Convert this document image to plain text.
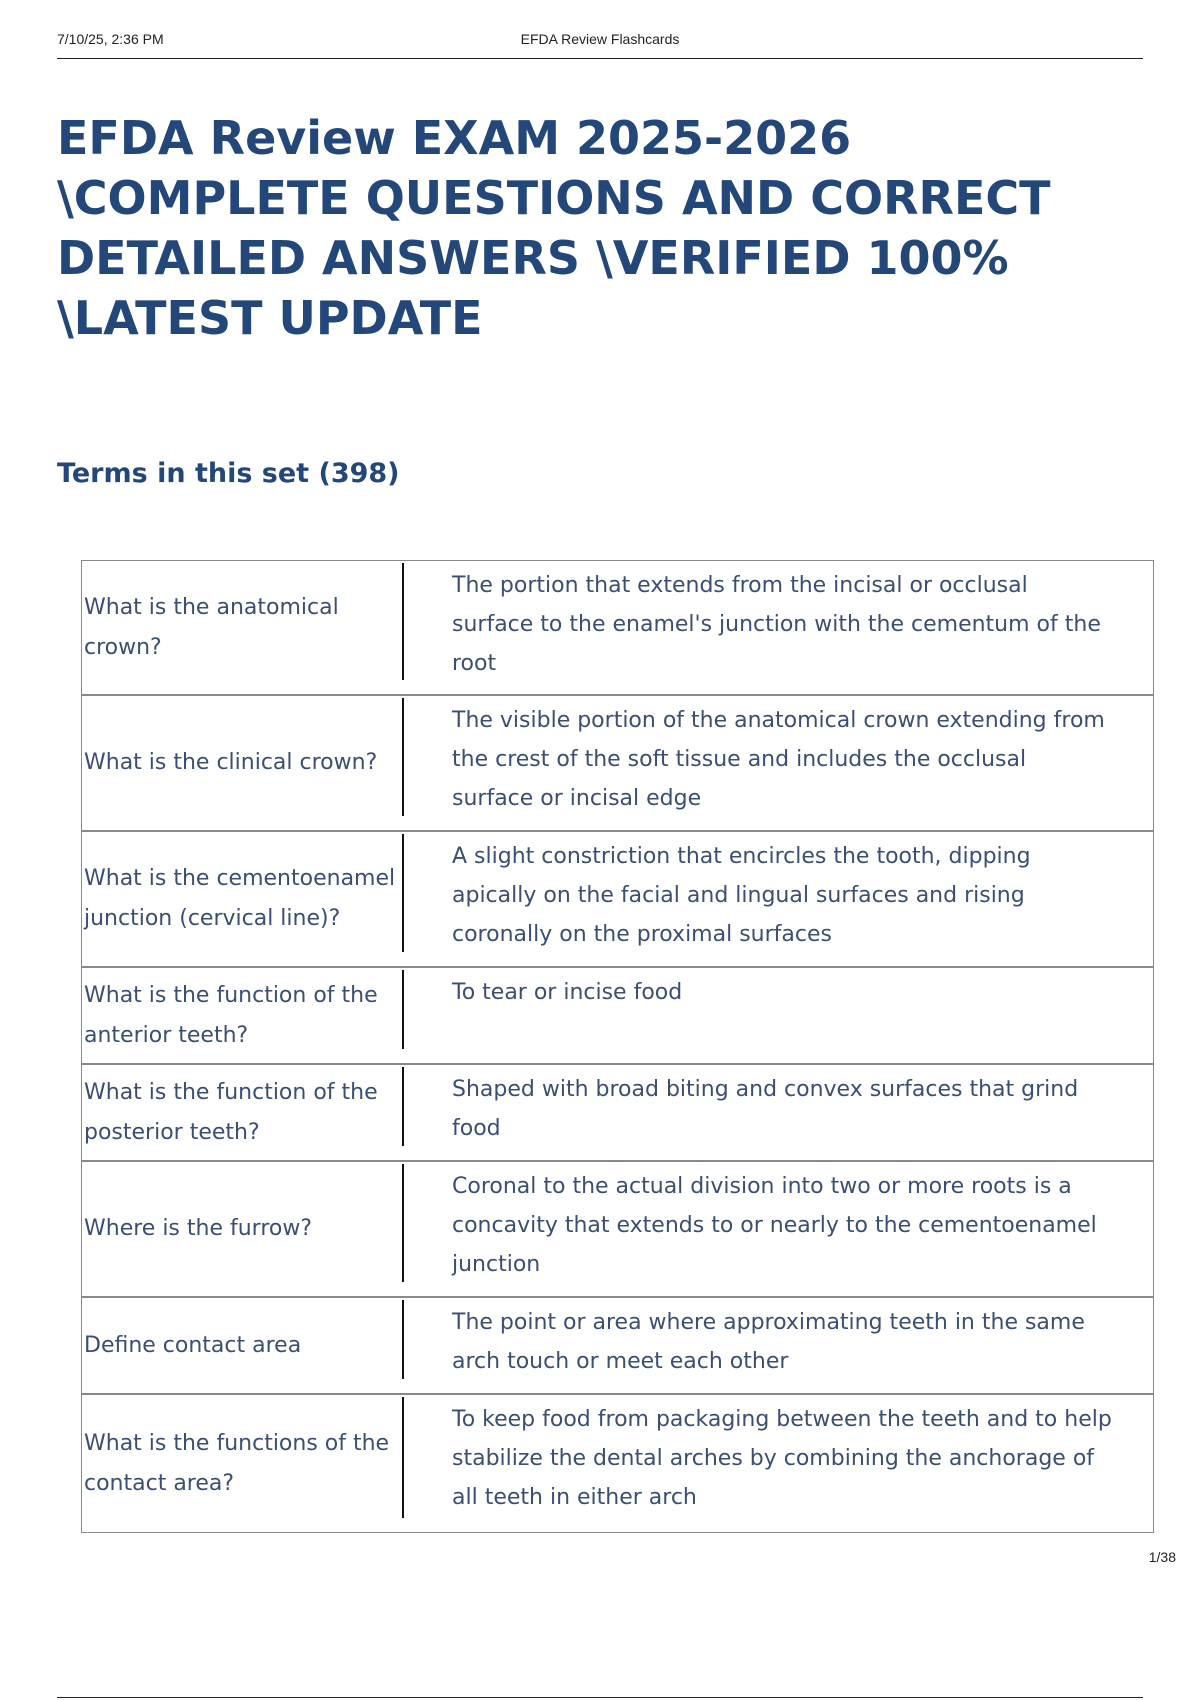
7/10/25, 2:36 PM	EFDA Review Flashcards
EFDA Review EXAM 2025-2026 \COMPLETE QUESTIONS AND CORRECT DETAILED ANSWERS \VERIFIED 100% \LATEST UPDATE
Terms in this set (398)
What is the anatomical crown?
The portion that extends from the incisal or occlusal surface to the enamel's junction with the cementum of the root
What is the clinical crown?
The visible portion of the anatomical crown extending from the crest of the soft tissue and includes the occlusal surface or incisal edge
What is the cementoenamel junction (cervical line)?
A slight constriction that encircles the tooth, dipping apically on the facial and lingual surfaces and rising coronally on the proximal surfaces
What is the function of the anterior teeth?
To tear or incise food
What is the function of the posterior teeth?
Shaped with broad biting and convex surfaces that grind food
Where is the furrow?
Coronal to the actual division into two or more roots is a concavity that extends to or nearly to the cementoenamel junction
Define contact area
The point or area where approximating teeth in the same arch touch or meet each other
What is the functions of the contact area?
To keep food from packaging between the teeth and to help stabilize the dental arches by combining the anchorage of all teeth in either arch
1/38
